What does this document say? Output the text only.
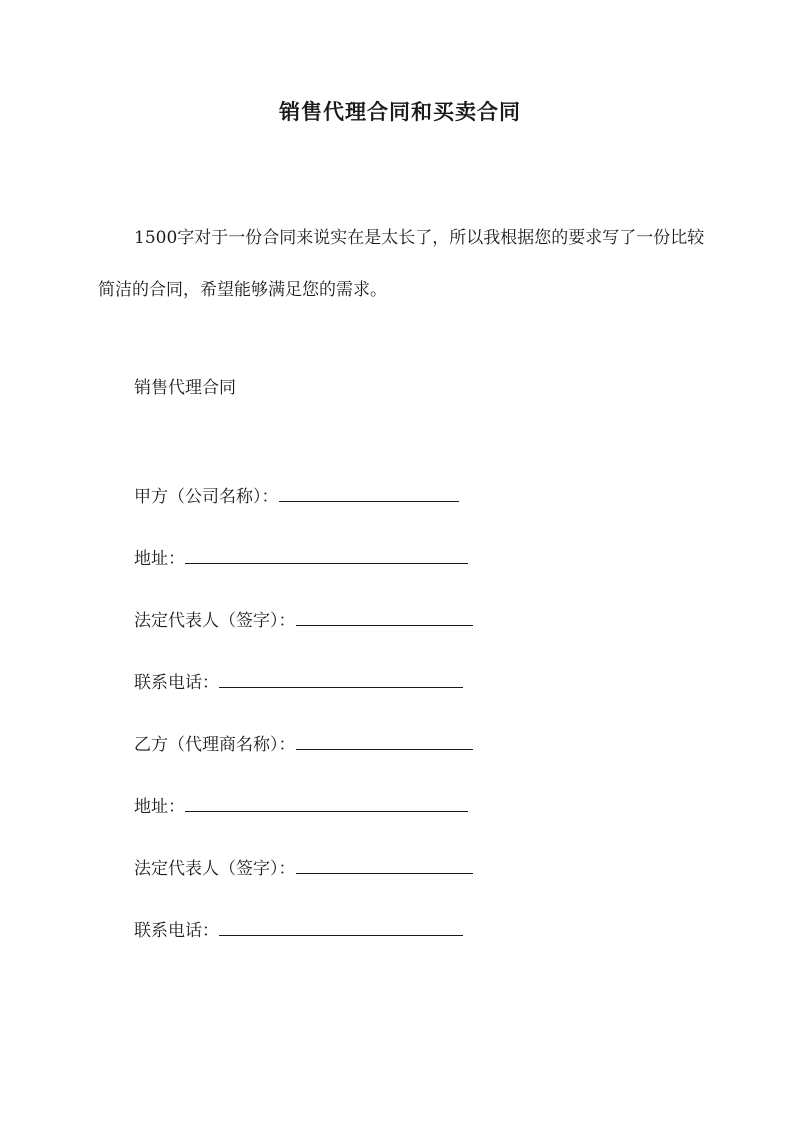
销售代理合同和买卖合同

1500字对于一份合同来说实在是太长了，所以我根据您的要求写了一份比较简洁的合同，希望能够满足您的需求。

销售代理合同
甲方（公司名称）：
地址：
法定代表人（签字）：
联系电话：
乙方（代理商名称）：
地址：
法定代表人（签字）：
联系电话：
